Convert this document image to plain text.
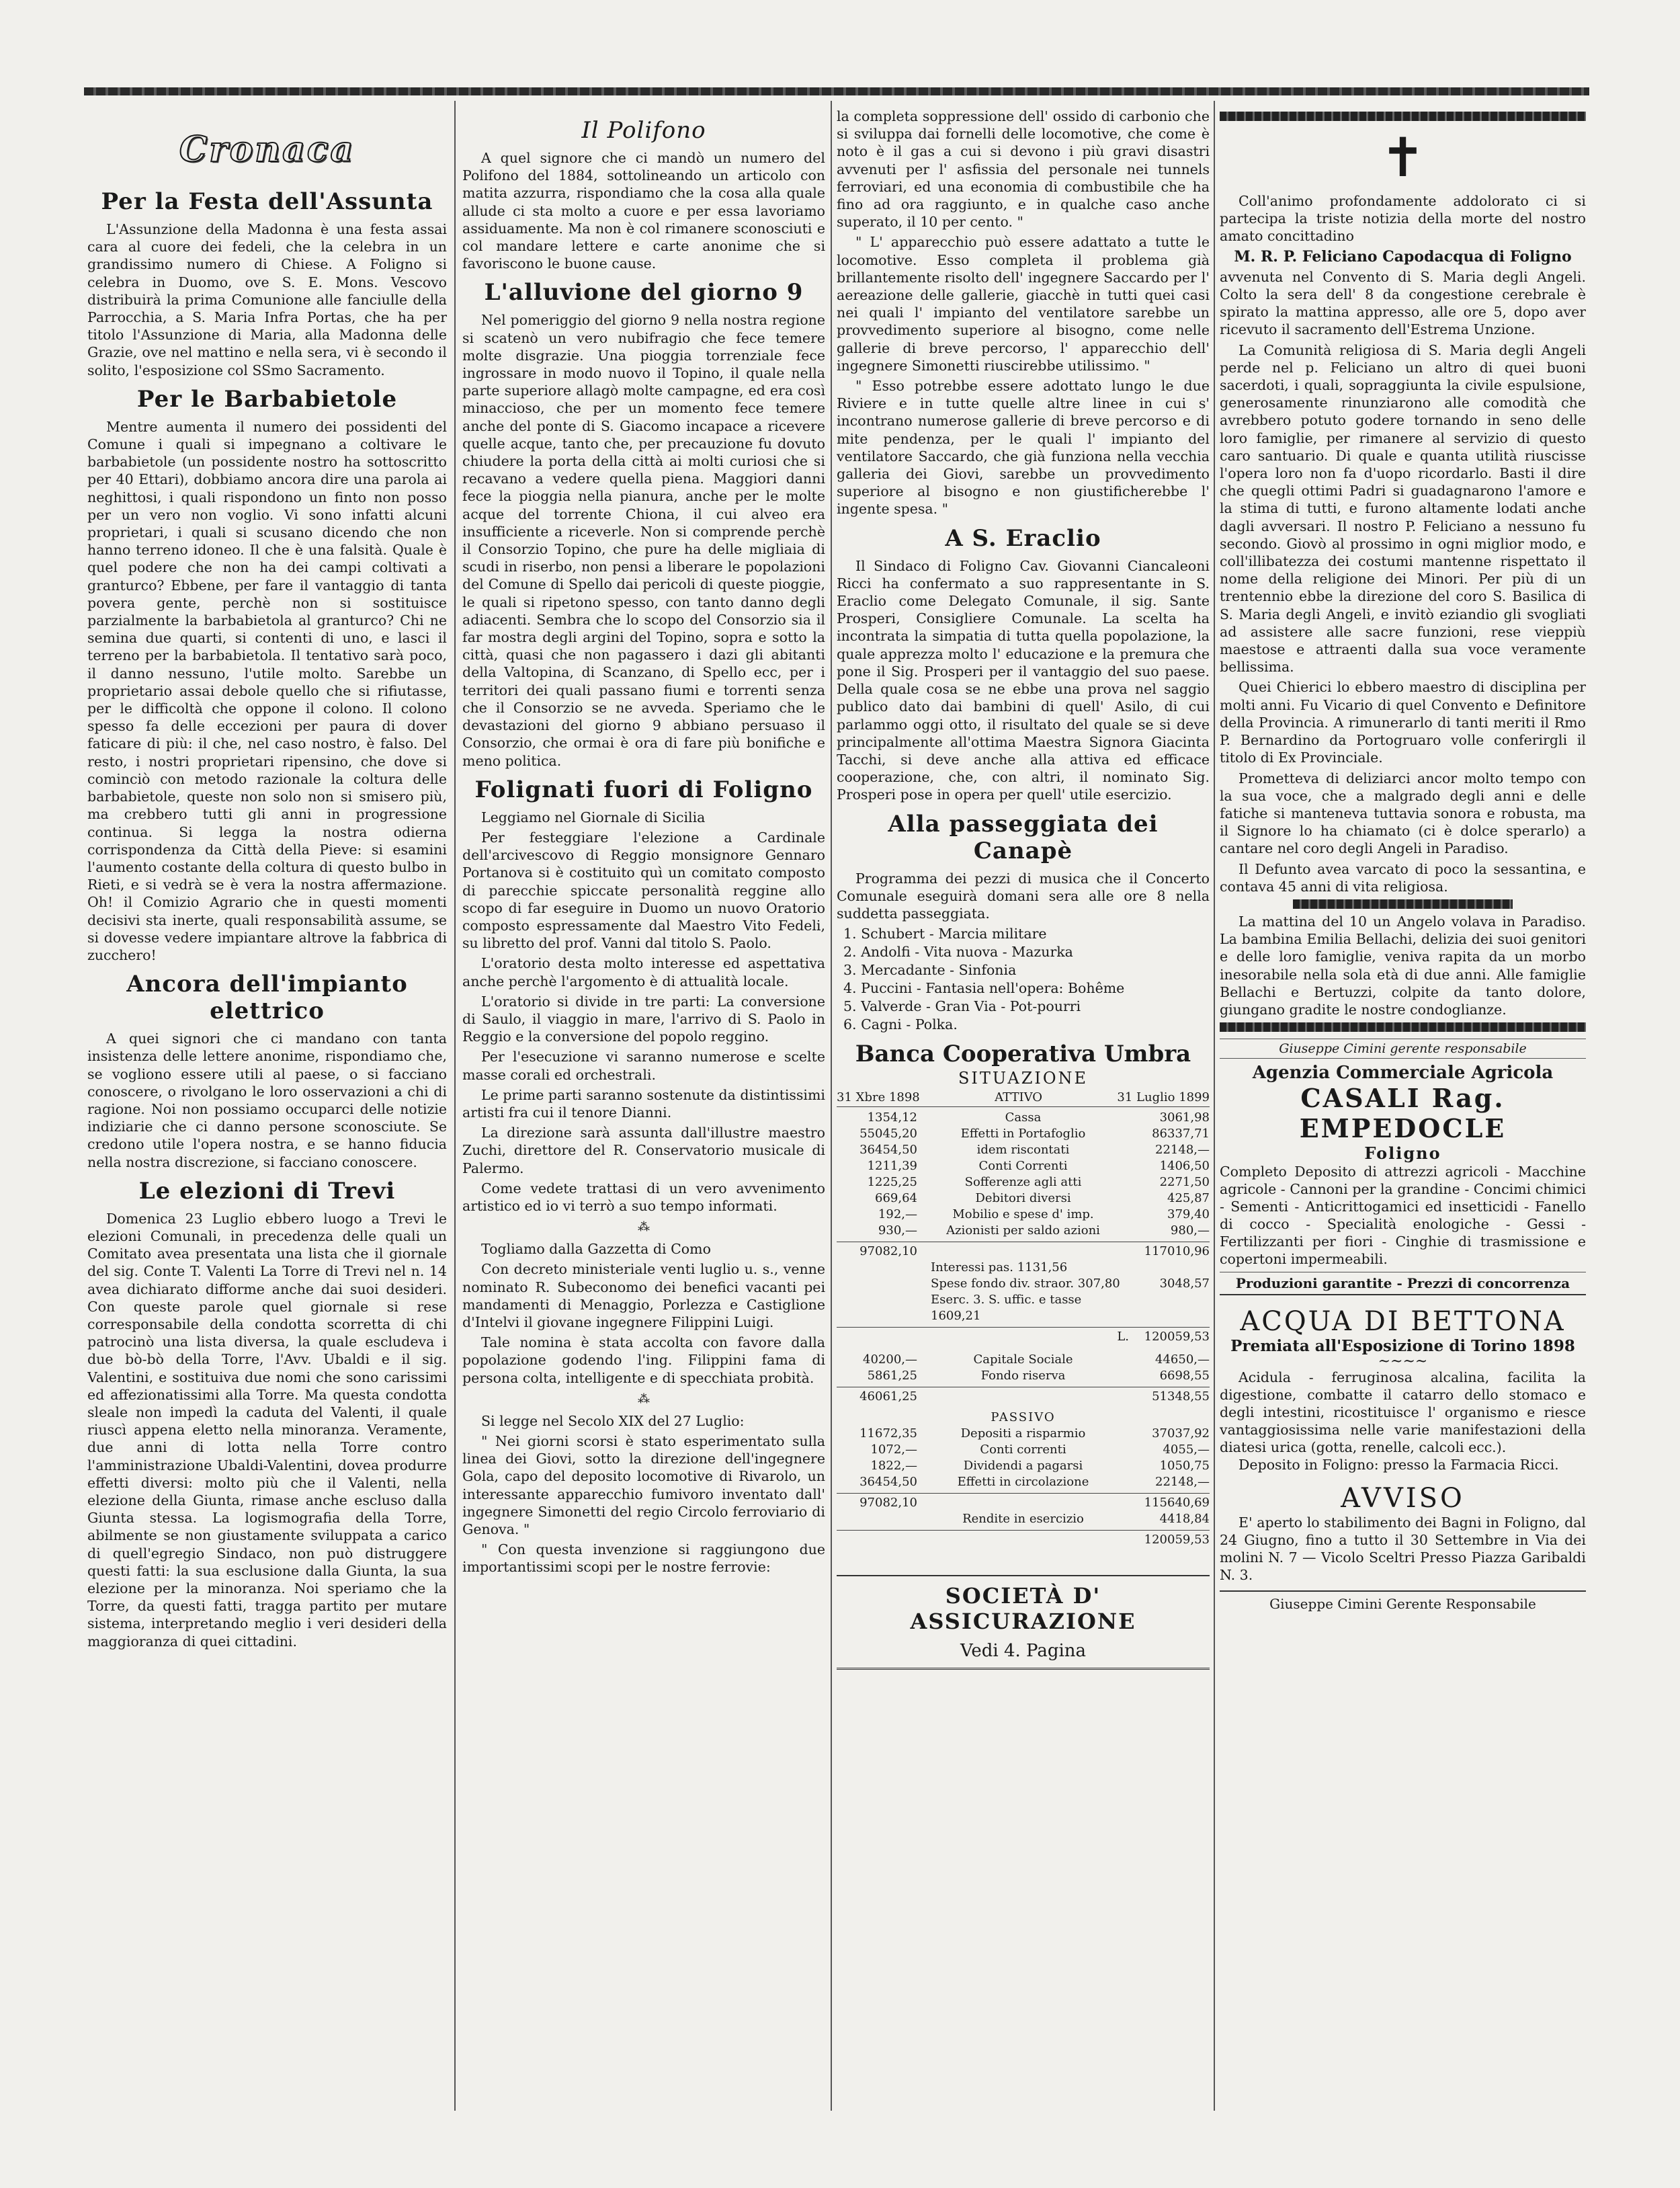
Cronaca
Per la Festa dell'Assunta

L'Assunzione della Madonna è una festa assai cara al cuore dei fedeli, che la celebra in un grandissimo numero di Chiese. A Foligno si celebra in Duomo, ove S. E. Mons. Vescovo distribuirà la prima Comunione alle fanciulle della Parrocchia, a S. Maria Infra Portas, che ha per titolo l'Assunzione di Maria, alla Madonna delle Grazie, ove nel mattino e nella sera, vi è secondo il solito, l'esposizione col SSmo Sacramento.

Per le Barbabietole

Mentre aumenta il numero dei possidenti del Comune i quali si impegnano a coltivare le barbabietole (un possidente nostro ha sottoscritto per 40 Ettari), dobbiamo ancora dire una parola ai neghittosi, i quali rispondono un finto non posso per un vero non voglio. Vi sono infatti alcuni proprietari, i quali si scusano dicendo che non hanno terreno idoneo. Il che è una falsità. Quale è quel podere che non ha dei campi coltivati a granturco? Ebbene, per fare il vantaggio di tanta povera gente, perchè non si sostituisce parzialmente la barbabietola al granturco? Chi ne semina due quarti, si contenti di uno, e lasci il terreno per la barbabietola. Il tentativo sarà poco, il danno nessuno, l'utile molto. Sarebbe un proprietario assai debole quello che si rifiutasse, per le difficoltà che oppone il colono. Il colono spesso fa delle eccezioni per paura di dover faticare di più: il che, nel caso nostro, è falso. Del resto, i nostri proprietari ripensino, che dove si cominciò con metodo razionale la coltura delle barbabietole, queste non solo non si smisero più, ma crebbero tutti gli anni in progressione continua. Si legga la nostra odierna corrispondenza da Città della Pieve: si esamini l'aumento costante della coltura di questo bulbo in Rieti, e si vedrà se è vera la nostra affermazione. Oh! il Comizio Agrario che in questi momenti decisivi sta inerte, quali responsabilità assume, se si dovesse vedere impiantare altrove la fabbrica di zucchero!

Ancora dell'impianto elettrico

A quei signori che ci mandano con tanta insistenza delle lettere anonime, rispondiamo che, se vogliono essere utili al paese, o si facciano conoscere, o rivolgano le loro osservazioni a chi di ragione. Noi non possiamo occuparci delle notizie indiziarie che ci danno persone sconosciute. Se credono utile l'opera nostra, e se hanno fiducia nella nostra discrezione, si facciano conoscere.

Le elezioni di Trevi

Domenica 23 Luglio ebbero luogo a Trevi le elezioni Comunali, in precedenza delle quali un Comitato avea presentata una lista che il giornale del sig. Conte T. Valenti La Torre di Trevi nel n. 14 avea dichiarato difforme anche dai suoi desideri. Con queste parole quel giornale si rese corresponsabile della condotta scorretta di chi patrocinò una lista diversa, la quale escludeva i due bò-bò della Torre, l'Avv. Ubaldi e il sig. Valentini, e sostituiva due nomi che sono carissimi ed affezionatissimi alla Torre. Ma questa condotta sleale non impedì la caduta del Valenti, il quale riuscì appena eletto nella minoranza. Veramente, due anni di lotta nella Torre contro l'amministrazione Ubaldi-Valentini, dovea produrre effetti diversi: molto più che il Valenti, nella elezione della Giunta, rimase anche escluso dalla Giunta stessa. La logismografia della Torre, abilmente se non giustamente sviluppata a carico di quell'egregio Sindaco, non può distruggere questi fatti: la sua esclusione dalla Giunta, la sua elezione per la minoranza. Noi speriamo che la Torre, da questi fatti, tragga partito per mutare sistema, interpretando meglio i veri desideri della maggioranza di quei cittadini.

Il Polifono

A quel signore che ci mandò un numero del Polifono del 1884, sottolineando un articolo con matita azzurra, rispondiamo che la cosa alla quale allude ci sta molto a cuore e per essa lavoriamo assiduamente. Ma non è col rimanere sconosciuti e col mandare lettere e carte anonime che si favoriscono le buone cause.

L'alluvione del giorno 9

Nel pomeriggio del giorno 9 nella nostra regione si scatenò un vero nubifragio che fece temere molte disgrazie. Una pioggia torrenziale fece ingrossare in modo nuovo il Topino, il quale nella parte superiore allagò molte campagne, ed era così minaccioso, che per un momento fece temere anche del ponte di S. Giacomo incapace a ricevere quelle acque, tanto che, per precauzione fu dovuto chiudere la porta della città ai molti curiosi che si recavano a vedere quella piena. Maggiori danni fece la pioggia nella pianura, anche per le molte acque del torrente Chiona, il cui alveo era insufficiente a riceverle. Non si comprende perchè il Consorzio Topino, che pure ha delle migliaia di scudi in riserbo, non pensi a liberare le popolazioni del Comune di Spello dai pericoli di queste pioggie, le quali si ripetono spesso, con tanto danno degli adiacenti. Sembra che lo scopo del Consorzio sia il far mostra degli argini del Topino, sopra e sotto la città, quasi che non pagassero i dazi gli abitanti della Valtopina, di Scanzano, di Spello ecc, per i territori dei quali passano fiumi e torrenti senza che il Consorzio se ne avveda. Speriamo che le devastazioni del giorno 9 abbiano persuaso il Consorzio, che ormai è ora di fare più bonifiche e meno politica.

Folignati fuori di Foligno

Leggiamo nel Giornale di Sicilia

Per festeggiare l'elezione a Cardinale dell'arcivescovo di Reggio monsignore Gennaro Portanova si è costituito quì un comitato composto di parecchie spiccate personalità reggine allo scopo di far eseguire in Duomo un nuovo Oratorio composto espressamente dal Maestro Vito Fedeli, su libretto del prof. Vanni dal titolo S. Paolo.

L'oratorio desta molto interesse ed aspettativa anche perchè l'argomento è di attualità locale.

L'oratorio si divide in tre parti: La conversione di Saulo, il viaggio in mare, l'arrivo di S. Paolo in Reggio e la conversione del popolo reggino.

Per l'esecuzione vi saranno numerose e scelte masse corali ed orchestrali.

Le prime parti saranno sostenute da distintissimi artisti fra cui il tenore Dianni.

La direzione sarà assunta dall'illustre maestro Zuchi, direttore del R. Conservatorio musicale di Palermo.

Come vedete trattasi di un vero avvenimento artistico ed io vi terrò a suo tempo informati.

⁂

Togliamo dalla Gazzetta di Como

Con decreto ministeriale venti luglio u. s., venne nominato R. Subeconomo dei benefici vacanti pei mandamenti di Menaggio, Porlezza e Castiglione d'Intelvi il giovane ingegnere Filippini Luigi.

Tale nomina è stata accolta con favore dalla popolazione godendo l'ing. Filippini fama di persona colta, intelligente e di specchiata probità.

⁂

Si legge nel Secolo XIX del 27 Luglio:

" Nei giorni scorsi è stato esperimentato sulla linea dei Giovi, sotto la direzione dell'ingegnere Gola, capo del deposito locomotive di Rivarolo, un interessante apparecchio fumivoro inventato dall' ingegnere Simonetti del regio Circolo ferroviario di Genova. "

" Con questa invenzione si raggiungono due importantissimi scopi per le nostre ferrovie:

la completa soppressione dell' ossido di carbonio che si sviluppa dai fornelli delle locomotive, che come è noto è il gas a cui si devono i più gravi disastri avvenuti per l' asfissia del personale nei tunnels ferroviari, ed una economia di combustibile che ha fino ad ora raggiunto, e in qualche caso anche superato, il 10 per cento. "

" L' apparecchio può essere adattato a tutte le locomotive. Esso completa il problema già brillantemente risolto dell' ingegnere Saccardo per l' aereazione delle gallerie, giacchè in tutti quei casi nei quali l' impianto del ventilatore sarebbe un provvedimento superiore al bisogno, come nelle gallerie di breve percorso, l' apparecchio dell' ingegnere Simonetti riuscirebbe utilissimo. "

" Esso potrebbe essere adottato lungo le due Riviere e in tutte quelle altre linee in cui s' incontrano numerose gallerie di breve percorso e di mite pendenza, per le quali l' impianto del ventilatore Saccardo, che già funziona nella vecchia galleria dei Giovi, sarebbe un provvedimento superiore al bisogno e non giustificherebbe l' ingente spesa. "

A S. Eraclio

Il Sindaco di Foligno Cav. Giovanni Ciancaleoni Ricci ha confermato a suo rappresentante in S. Eraclio come Delegato Comunale, il sig. Sante Prosperi, Consigliere Comunale. La scelta ha incontrata la simpatia di tutta quella popolazione, la quale apprezza molto l' educazione e la premura che pone il Sig. Prosperi per il vantaggio del suo paese. Della quale cosa se ne ebbe una prova nel saggio publico dato dai bambini di quell' Asilo, di cui parlammo oggi otto, il risultato del quale se si deve principalmente all'ottima Maestra Signora Giacinta Tacchi, si deve anche alla attiva ed efficace cooperazione, che, con altri, il nominato Sig. Prosperi pose in opera per quell' utile esercizio.

Alla passeggiata dei Canapè

Programma dei pezzi di musica che il Concerto Comunale eseguirà domani sera alle ore 8 nella suddetta passeggiata.

1. Schubert - Marcia militare
2. Andolfi - Vita nuova - Mazurka
3. Mercadante - Sinfonia
4. Puccini - Fantasia nell'opera: Bohême
5. Valverde - Gran Via - Pot-pourri
6. Cagni - Polka.
Banca Cooperativa Umbra
SITUAZIONE
31 Xbre 1898	ATTIVO	31 Luglio 1899
1354,12	Cassa	3061,98
55045,20	Effetti in Portafoglio	86337,71
36454,50	idem riscontati	22148,—
1211,39	Conti Correnti	1406,50
1225,25	Sofferenze agli atti	2271,50
669,64	Debitori diversi	425,87
192,—	Mobilio e spese d' imp.	379,40
930,—	Azionisti per saldo azioni	980,—
97082,10	117010,96
Interessi pas. 1131,56
Spese fondo div. straor. 307,80	3048,57
Eserc. 3. S. uffic. e tasse 1609,21
L.	120059,53
40200,—	Capitale Sociale	44650,—
5861,25	Fondo riserva	6698,55
46061,25	51348,55
PASSIVO
11672,35	Depositi a risparmio	37037,92
1072,—	Conti correnti	4055,—
1822,—	Dividendi a pagarsi	1050,75
36454,50	Effetti in circolazione	22148,—
97082,10	115640,69
Rendite in esercizio	4418,84
120059,53
SOCIETÀ D' ASSICURAZIONE
Vedi 4. Pagina
✝

Coll'animo profondamente addolorato ci si partecipa la triste notizia della morte del nostro amato concittadino

M. R. P. Feliciano Capodacqua di Foligno

avvenuta nel Convento di S. Maria degli Angeli. Colto la sera dell' 8 da congestione cerebrale è spirato la mattina appresso, alle ore 5, dopo aver ricevuto il sacramento dell'Estrema Unzione.

La Comunità religiosa di S. Maria degli Angeli perde nel p. Feliciano un altro di quei buoni sacerdoti, i quali, sopraggiunta la civile espulsione, generosamente rinunziarono alle comodità che avrebbero potuto godere tornando in seno delle loro famiglie, per rimanere al servizio di questo caro santuario. Di quale e quanta utilità riuscisse l'opera loro non fa d'uopo ricordarlo. Basti il dire che quegli ottimi Padri si guadagnarono l'amore e la stima di tutti, e furono altamente lodati anche dagli avversari. Il nostro P. Feliciano a nessuno fu secondo. Giovò al prossimo in ogni miglior modo, e coll'illibatezza dei costumi mantenne rispettato il nome della religione dei Minori. Per più di un trentennio ebbe la direzione del coro S. Basilica di S. Maria degli Angeli, e invitò eziandio gli svogliati ad assistere alle sacre funzioni, rese vieppiù maestose e attraenti dalla sua voce veramente bellissima.

Quei Chierici lo ebbero maestro di disciplina per molti anni. Fu Vicario di quel Convento e Definitore della Provincia. A rimunerarlo di tanti meriti il Rmo P. Bernardino da Portogruaro volle conferirgli il titolo di Ex Provinciale.

Prometteva di deliziarci ancor molto tempo con la sua voce, che a malgrado degli anni e delle fatiche si manteneva tuttavia sonora e robusta, ma il Signore lo ha chiamato (ci è dolce sperarlo) a cantare nel coro degli Angeli in Paradiso.

Il Defunto avea varcato di poco la sessantina, e contava 45 anni di vita religiosa.

La mattina del 10 un Angelo volava in Paradiso. La bambina Emilia Bellachi, delizia dei suoi genitori e delle loro famiglie, veniva rapita da un morbo inesorabile nella sola età di due anni. Alle famiglie Bellachi e Bertuzzi, colpite da tanto dolore, giungano gradite le nostre condoglianze.

Giuseppe Cimini gerente responsabile
Agenzia Commerciale Agricola
CASALI Rag. EMPEDOCLE
Foligno
Completo Deposito di attrezzi agricoli - Macchine agricole - Cannoni per la grandine - Concimi chimici - Sementi - Anticrittogamici ed insetticidi - Fanello di cocco - Specialità enologiche - Gessi - Fertilizzanti per fiori - Cinghie di trasmissione e copertoni impermeabili.
Produzioni garantite - Prezzi di concorrenza
ACQUA DI BETTONA
Premiata all'Esposizione di Torino 1898
~~~~
Acidula - ferruginosa alcalina, facilita la digestione, combatte il catarro dello stomaco e degli intestini, ricostituisce l' organismo e riesce vantaggiosissima nelle varie manifestazioni della diatesi urica (gotta, renelle, calcoli ecc.).
Deposito in Foligno: presso la Farmacia Ricci.
AVVISO
E' aperto lo stabilimento dei Bagni in Foligno, dal 24 Giugno, fino a tutto il 30 Settembre in Via dei molini N. 7 — Vicolo Sceltri Presso Piazza Garibaldi N. 3.
Giuseppe Cimini Gerente Responsabile
